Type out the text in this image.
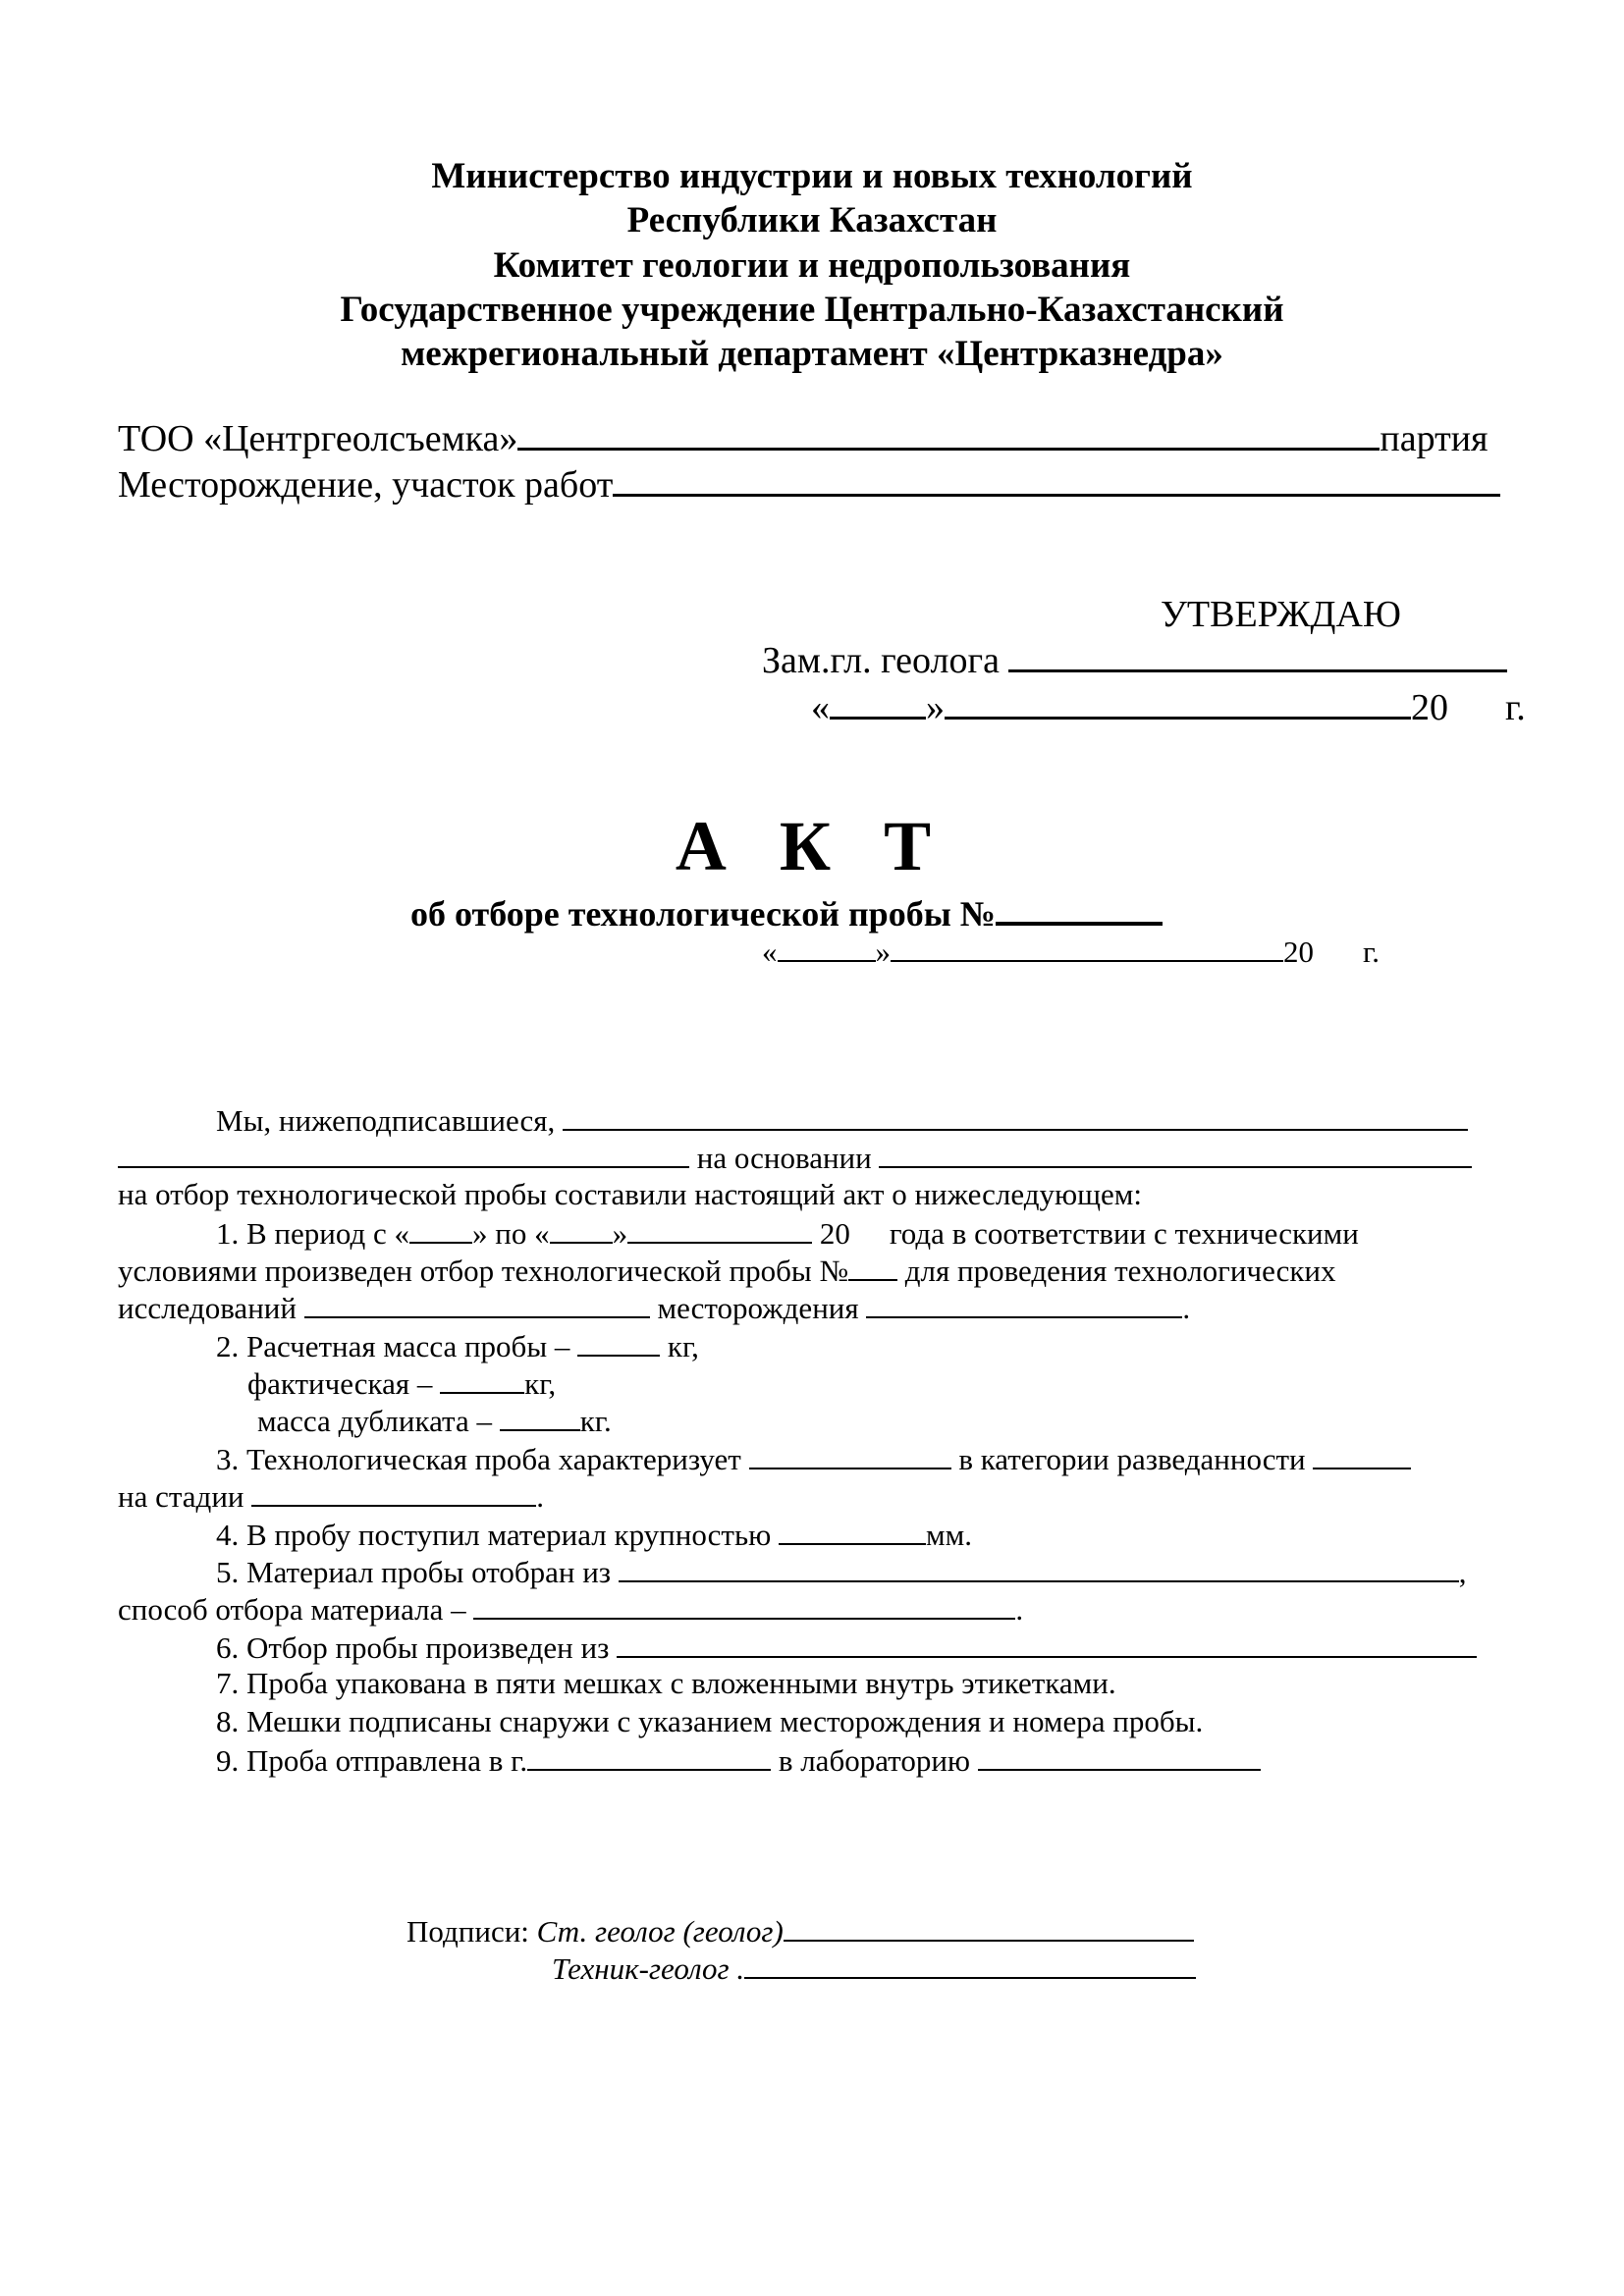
Министерство индустрии и новых технологий
Республики Казахстан
Комитет геологии и недропользования
Государственное учреждение Центрально-Казахстанский
межрегиональный департамент «Центрказнедра»
ТОО «Центргеолсъемка»	партия
Месторождение, участок работ
УТВЕРЖДАЮ
Зам.гл. геолога
«	»	20 г.
А К Т
об отборе технологической пробы №
«	»	20 г.
Мы, нижеподписавшиеся,
на основании
на отбор технологической пробы составили настоящий акт о нижеследующем:
1. В период с « » по « »	20 года в соответствии с техническими
условиями произведен отбор технологической пробы № для проведения технологических
исследований	месторождения	.
2. Расчетная масса пробы –	кг,
фактическая –	кг,
масса дубликата –	кг.
3. Технологическая проба характеризует	в категории разведанности
на стадии	.
4. В пробу поступил материал крупностью	мм.
5. Материал пробы отобран из	,
способ отбора материала –	.
6. Отбор пробы произведен из
7. Проба упакована в пяти мешках с вложенными внутрь этикетками.
8. Мешки подписаны снаружи с указанием месторождения и номера пробы.
9. Проба отправлена в г.	в лабораторию
Подписи: Ст. геолог (геолог)
Техник-геолог .
